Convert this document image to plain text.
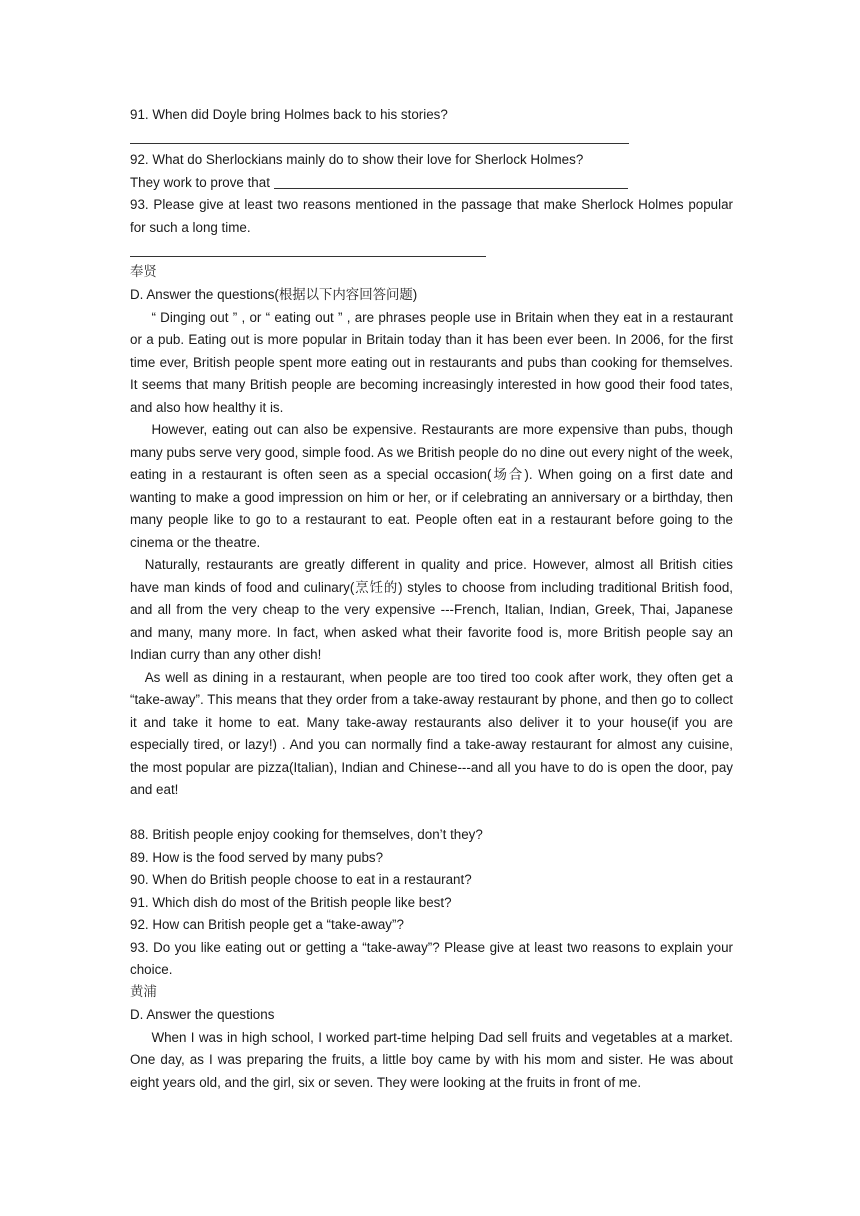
91. When did Doyle bring Holmes back to his stories?

92. What do Sherlockians mainly do to show their love for Sherlock Holmes?

They work to prove that

93. Please give at least two reasons mentioned in the passage that make Sherlock Holmes popular for such a long time.

奉贤

D. Answer the questions(根据以下内容回答问题)

“ Dinging out ” , or “ eating out ” , are phrases people use in Britain when they eat in a restaurant or a pub. Eating out is more popular in Britain today than it has been ever been. In 2006, for the first time ever, British people spent more eating out in restaurants and pubs than cooking for themselves. It seems that many British people are becoming increasingly interested in how good their food tates, and also how healthy it is.

However, eating out can also be expensive. Restaurants are more expensive than pubs, though many pubs serve very good, simple food. As we British people do no dine out every night of the week, eating in a restaurant is often seen as a special occasion(场合). When going on a first date and wanting to make a good impression on him or her, or if celebrating an anniversary or a birthday, then many people like to go to a restaurant to eat. People often eat in a restaurant before going to the cinema or the theatre.

Naturally, restaurants are greatly different in quality and price. However, almost all British cities have man kinds of food and culinary(烹饪的) styles to choose from including traditional British food, and all from the very cheap to the very expensive ---French, Italian, Indian, Greek, Thai, Japanese and many, many more. In fact, when asked what their favorite food is, more British people say an Indian curry than any other dish!

As well as dining in a restaurant, when people are too tired too cook after work, they often get a “take-away”. This means that they order from a take-away restaurant by phone, and then go to collect it and take it home to eat. Many take-away restaurants also deliver it to your house(if you are especially tired, or lazy!) . And you can normally find a take-away restaurant for almost any cuisine, the most popular are pizza(Italian), Indian and Chinese---and all you have to do is open the door, pay and eat!

88. British people enjoy cooking for themselves, don’t they?

89. How is the food served by many pubs?

90. When do British people choose to eat in a restaurant?

91. Which dish do most of the British people like best?

92. How can British people get a “take-away”?

93. Do you like eating out or getting a “take-away”? Please give at least two reasons to explain your choice.

黄浦

D. Answer the questions

When I was in high school, I worked part-time helping Dad sell fruits and vegetables at a market. One day, as I was preparing the fruits, a little boy came by with his mom and sister. He was about eight years old, and the girl, six or seven. They were looking at the fruits in front of me.
